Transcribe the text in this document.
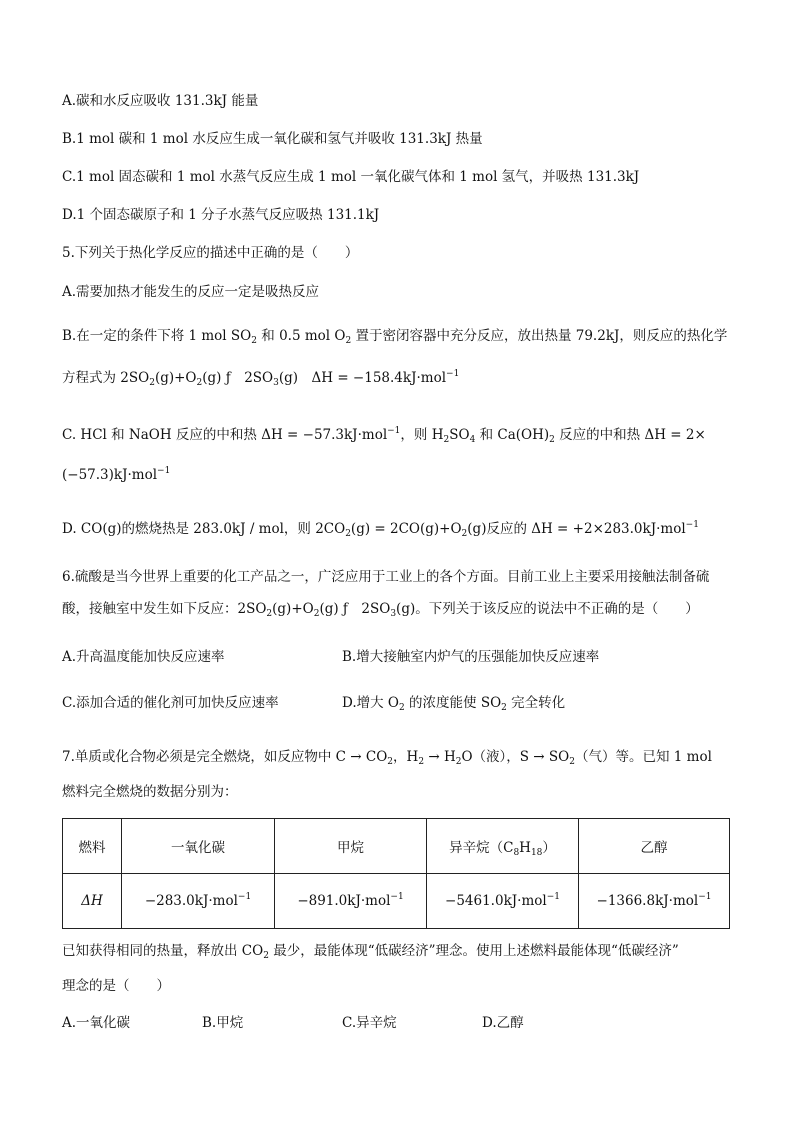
A.碳和水反应吸收 131.3kJ 能量
B.1 mol 碳和 1 mol 水反应生成一氧化碳和氢气并吸收 131.3kJ 热量
C.1 mol 固态碳和 1 mol 水蒸气反应生成 1 mol 一氧化碳气体和 1 mol 氢气，并吸热 131.3kJ
D.1 个固态碳原子和 1 分子水蒸气反应吸热 131.1kJ
5.下列关于热化学反应的描述中正确的是（　　）
A.需要加热才能发生的反应一定是吸热反应
B.在一定的条件下将 1 mol $SO_2$ 和 0.5 mol $O_2$ 置于密闭容器中充分反应，放出热量 79.2kJ，则反应的热化学
方程式为 $2SO_2(g)+O_2(g)$ ƒ　$2SO_3(g)$　ΔH = −158.4kJ·mol$^{-1}$
C. HCl 和 NaOH 反应的中和热 ΔH = −57.3kJ·mol$^{-1}$，则 $H_2SO_4$ 和 $Ca(OH)_2$ 反应的中和热 ΔH = 2×
(−57.3)kJ·mol$^{-1}$
D. CO(g)的燃烧热是 283.0kJ / mol，则 $2CO_2(g) = 2CO(g)+O_2(g)$反应的 ΔH = +2×283.0kJ·mol$^{-1}$
6.硫酸是当今世界上重要的化工产品之一，广泛应用于工业上的各个方面。目前工业上主要采用接触法制备硫
酸，接触室中发生如下反应：$2SO_2(g)+O_2(g)$ ƒ　$2SO_3(g)$。下列关于该反应的说法中不正确的是（　　）
A.升高温度能加快反应速率	B.增大接触室内炉气的压强能加快反应速率
C.添加合适的催化剂可加快反应速率	D.增大 $O_2$ 的浓度能使 $SO_2$ 完全转化
7.单质或化合物必须是完全燃烧，如反应物中 $C \to CO_2$，$H_2 \to H_2O$（液），$S \to SO_2$（气）等。已知 1 mol
燃料完全燃烧的数据分别为：
燃料	一氧化碳	甲烷	异辛烷$(C_8H_{18})$	乙醇
ΔH	−283.0kJ·mol$^{-1}$	−891.0kJ·mol$^{-1}$	−5461.0kJ·mol$^{-1}$	−1366.8kJ·mol$^{-1}$
已知获得相同的热量，释放出 $CO_2$ 最少，最能体现“低碳经济”理念。使用上述燃料最能体现“低碳经济”
理念的是（　　）
A.一氧化碳	B.甲烷	C.异辛烷	D.乙醇
